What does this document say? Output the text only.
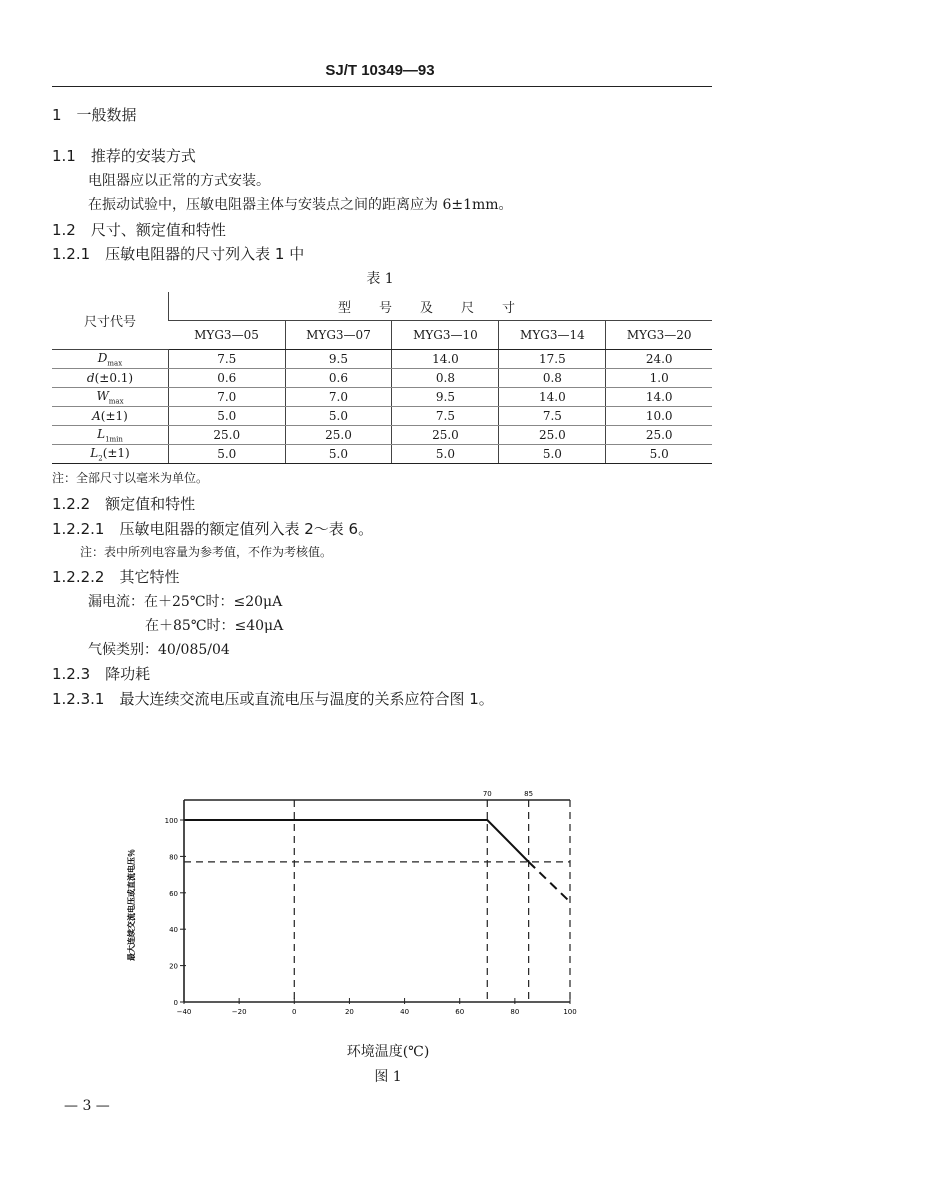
SJ/T 10349—93
1　一般数据
1.1　推荐的安装方式
电阻器应以正常的方式安装。
在振动试验中，压敏电阻器主体与安装点之间的距离应为 6±1mm。
1.2　尺寸、额定值和特性
1.2.1　压敏电阻器的尺寸列入表 1 中
表 1
尺寸代号	型号及尺寸				
	MYG3—05	MYG3—07	MYG3—10	MYG3—14	MYG3—20
$D_{max}$	7.5	9.5	14.0	17.5	24.0
d(±0.1)	0.6	0.6	0.8	0.8	1.0
$W_{max}$	7.0	7.0	9.5	14.0	14.0
A(±1)	5.0	5.0	7.5	7.5	10.0
$L_{1min}$	25.0	25.0	25.0	25.0	25.0
$L_2(\pm 1)$	5.0	5.0	5.0	5.0	5.0
注：全部尺寸以毫米为单位。
1.2.2　额定值和特性
1.2.2.1　压敏电阻器的额定值列入表 2～表 6。
注：表中所列电容量为参考值，不作为考核值。
1.2.2.2　其它特性
漏电流：在＋25℃时：≤20μA
在＋85℃时：≤40μA
气候类别：40/085/04
1.2.3　降功耗
1.2.3.1　最大连续交流电压或直流电压与温度的关系应符合图 1。
−40	−20	0	20	40	60	80	100
0
20
40
60
80
100
70	85
最大连续交流电压或直流电压％
环境温度(℃)
图 1
— 3 —
